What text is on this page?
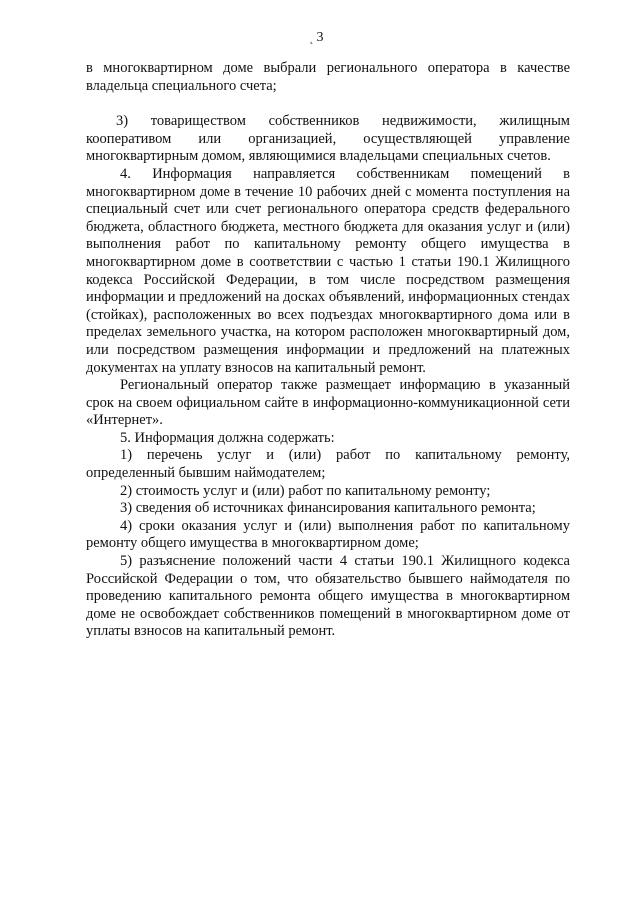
˛ 3

в многоквартирном доме выбрали регионального оператора в качестве владельца специального счета;

3) товариществом собственников недвижимости, жилищным кооперативом или организацией, осуществляющей управление многоквартирным домом, являющимися владельцами специальных счетов.

4. Информация направляется собственникам помещений в многоквартирном доме в течение 10 рабочих дней с момента поступления на специальный счет или счет регионального оператора средств федерального бюджета, областного бюджета, местного бюджета для оказания услуг и (или) выполнения работ по капитальному ремонту общего имущества в многоквартирном доме в соответствии с частью 1 статьи 190.1 Жилищного кодекса Российской Федерации, в том числе посредством размещения информации и предложений на досках объявлений, информационных стендах (стойках), расположенных во всех подъездах многоквартирного дома или в пределах земельного участка, на котором расположен многоквартирный дом, или посредством размещения информации и предложений на платежных документах на уплату взносов на капитальный ремонт.

Региональный оператор также размещает информацию в указанный срок на своем официальном сайте в информационно-коммуникационной сети «Интернет».

5. Информация должна содержать:

1) перечень услуг и (или) работ по капитальному ремонту, определенный бывшим наймодателем;

2) стоимость услуг и (или) работ по капитальному ремонту;

3) сведения об источниках финансирования капитального ремонта;

4) сроки оказания услуг и (или) выполнения работ по капитальному ремонту общего имущества в многоквартирном доме;

5) разъяснение положений части 4 статьи 190.1 Жилищного кодекса Российской Федерации о том, что обязательство бывшего наймодателя по проведению капитального ремонта общего имущества в многоквартирном доме не освобождает собственников помещений в многоквартирном доме от уплаты взносов на капитальный ремонт.
